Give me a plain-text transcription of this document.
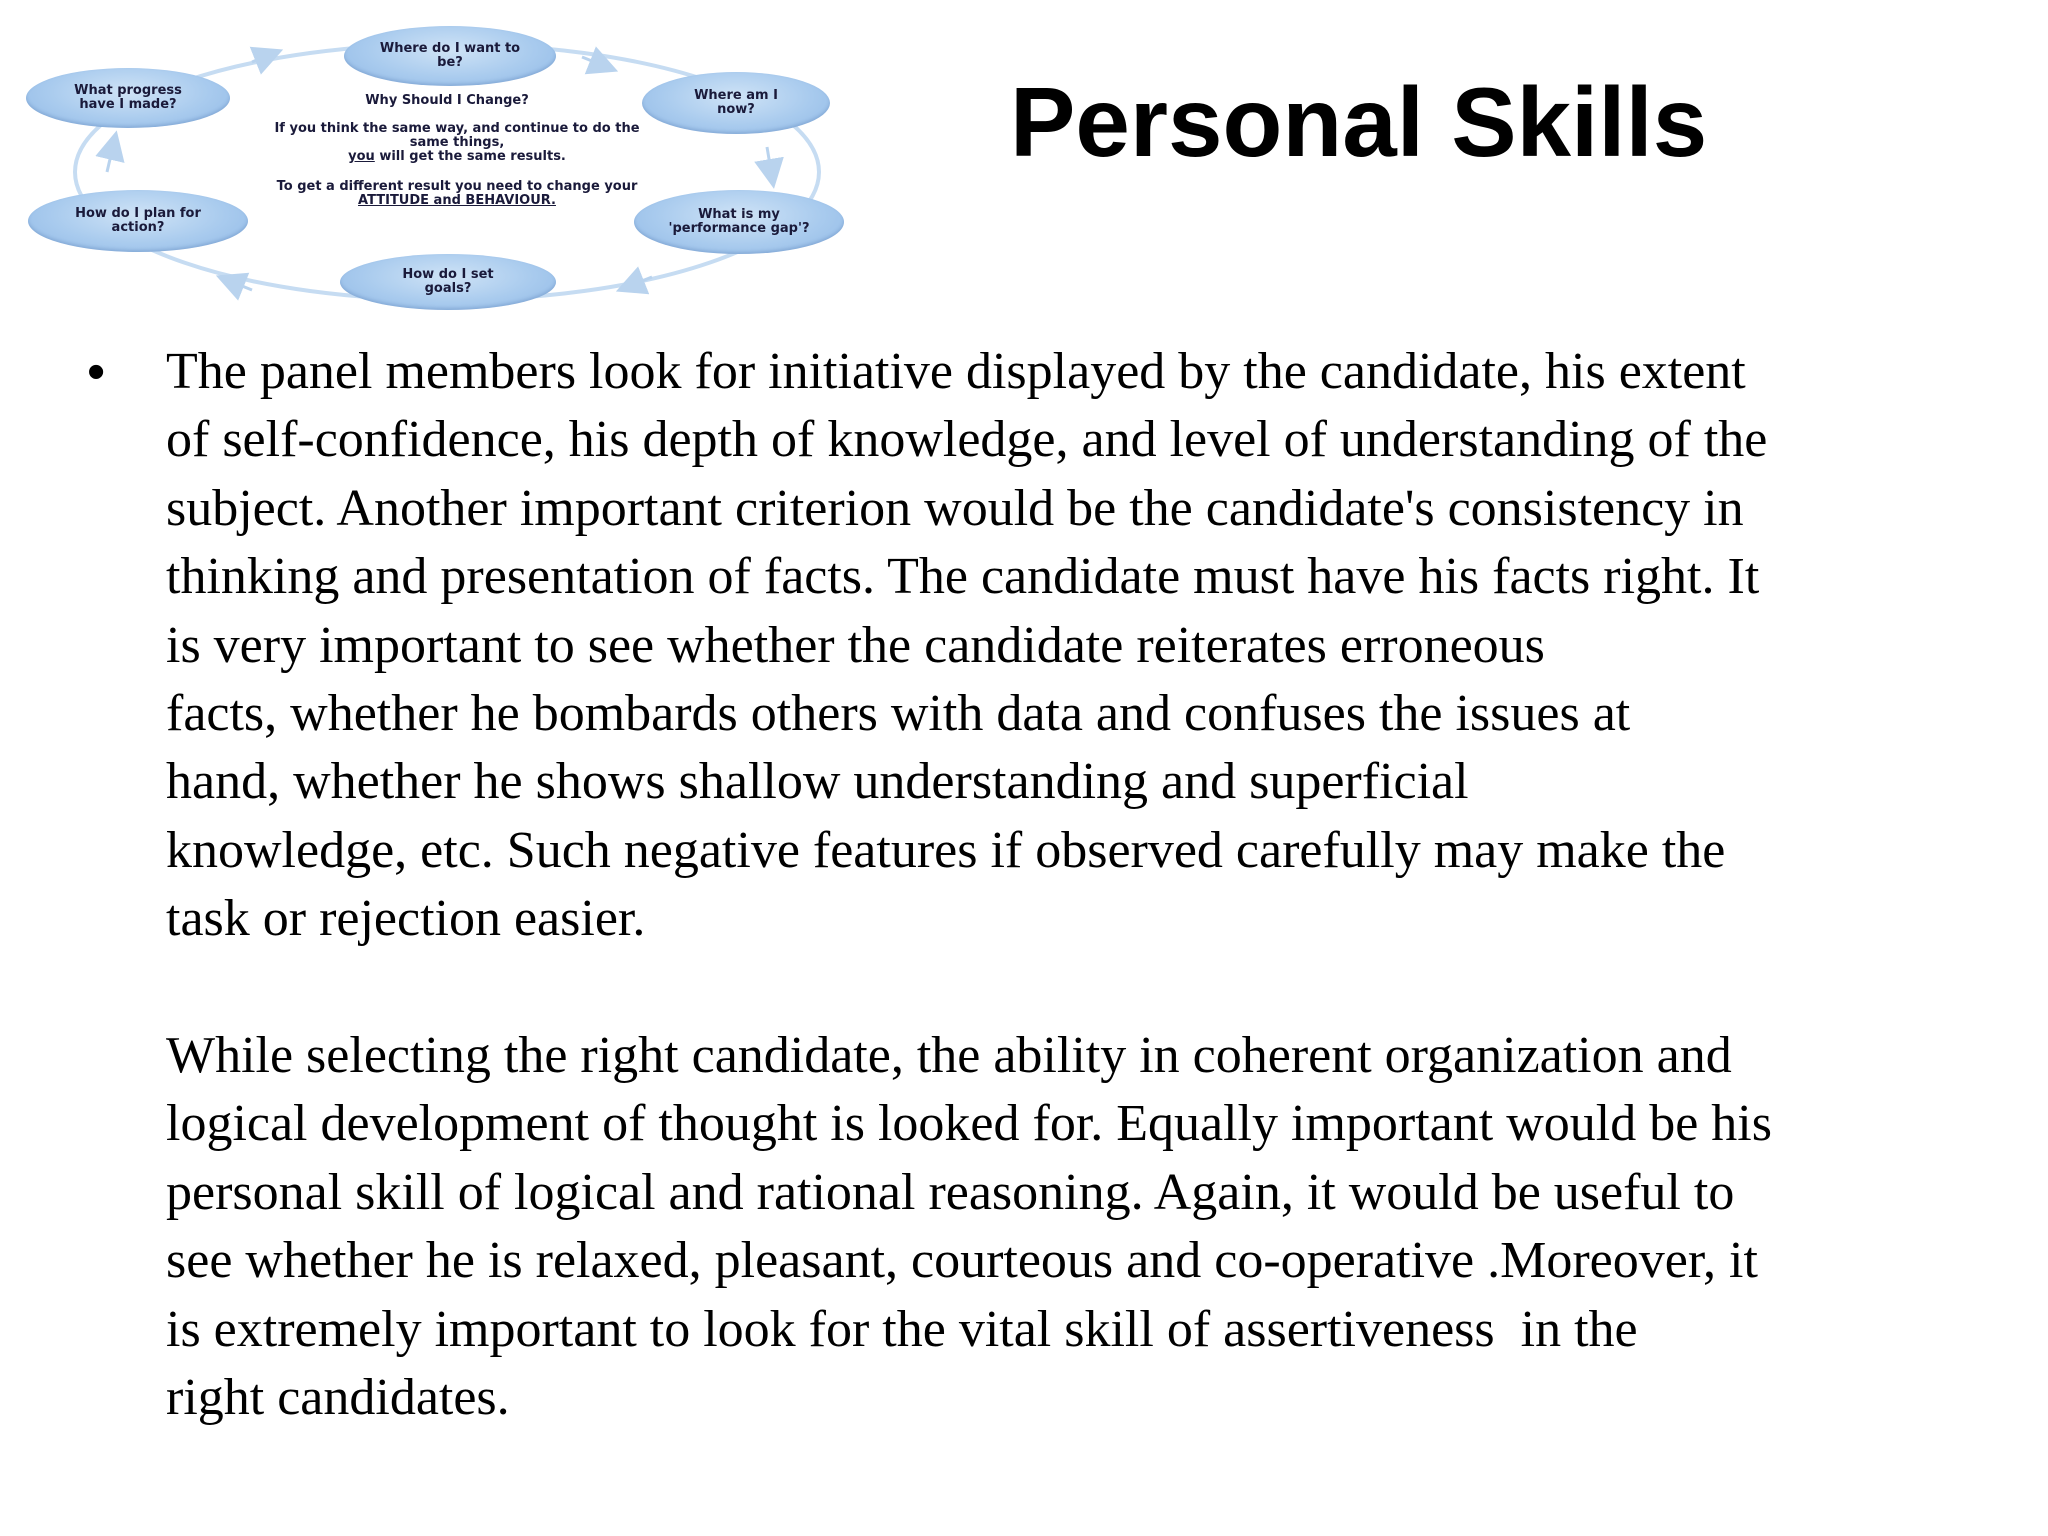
Where do I want to
be?
Where am I
now?
What is my
'performance gap'?
How do I set
goals?
How do I plan for
action?
What progress
have I made?	Why Should I Change?
If you think the same way, and continue to do the
same things,
you will get the same results.
To get a different result you need to change your
ATTITUDE and BEHAVIOUR.
Personal Skills
• The panel members look for initiative displayed by the candidate, his extent
of self-confidence, his depth of knowledge, and level of understanding of the
subject. Another important criterion would be the candidate's consistency in
thinking and presentation of facts. The candidate must have his facts right. It
is very important to see whether the candidate reiterates erroneous
facts, whether he bombards others with data and confuses the issues at
hand, whether he shows shallow understanding and superficial
knowledge, etc. Such negative features if observed carefully may make the
task or rejection easier.
While selecting the right candidate, the ability in coherent organization and
logical development of thought is looked for. Equally important would be his
personal skill of logical and rational reasoning. Again, it would be useful to
see whether he is relaxed, pleasant, courteous and co-operative .Moreover, it
is extremely important to look for the vital skill of assertiveness  in the
right candidates.
